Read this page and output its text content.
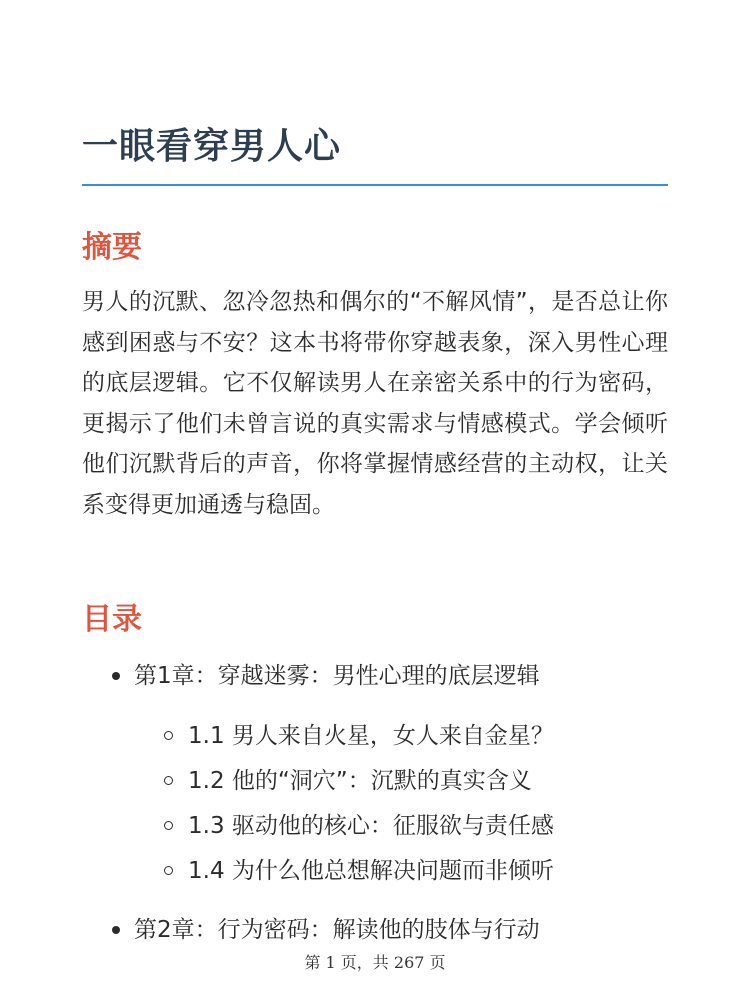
一眼看穿男人心
摘要

男人的沉默、忽冷忽热和偶尔的“不解风情”，是否总让你感到困惑与不安？这本书将带你穿越表象，深入男性心理的底层逻辑。它不仅解读男人在亲密关系中的行为密码，更揭示了他们未曾言说的真实需求与情感模式。学会倾听他们沉默背后的声音，你将掌握情感经营的主动权，让关系变得更加通透与稳固。

目录
第1章：穿越迷雾：男性心理的底层逻辑
1.1 男人来自火星，女人来自金星？
1.2 他的“洞穴”：沉默的真实含义
1.3 驱动他的核心：征服欲与责任感
1.4 为什么他总想解决问题而非倾听
第2章：行为密码：解读他的肢体与行动
第 1 页，共 267 页
